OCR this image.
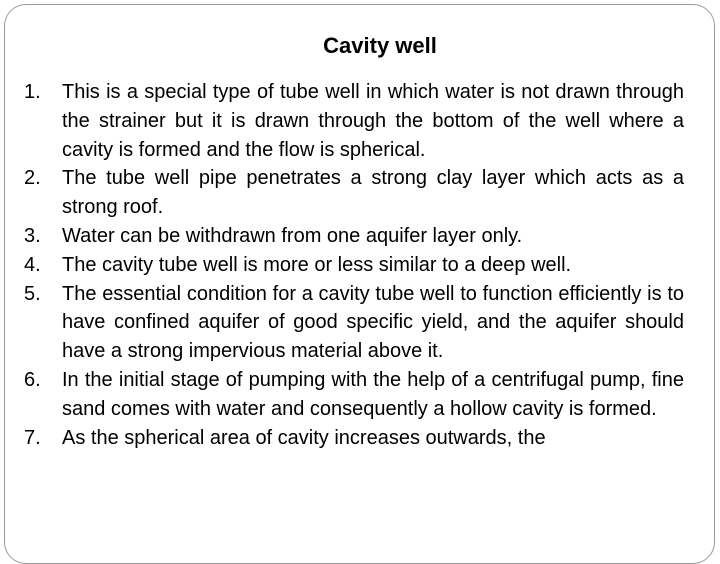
Cavity well
1. This is a special type of tube well in which water is not drawn through the strainer but it is drawn through the bottom of the well where a cavity is formed and the flow is spherical.
2. The tube well pipe penetrates a strong clay layer which acts as a strong roof.
3. Water can be withdrawn from one aquifer layer only.
4. The cavity tube well is more or less similar to a deep well.
5. The essential condition for a cavity tube well to function efficiently is to have confined aquifer of good specific yield, and the aquifer should have a strong impervious material above it.
6. In the initial stage of pumping with the help of a centrifugal pump, fine sand comes with water and consequently a hollow cavity is formed.
7. As the spherical area of cavity increases outwards, the
